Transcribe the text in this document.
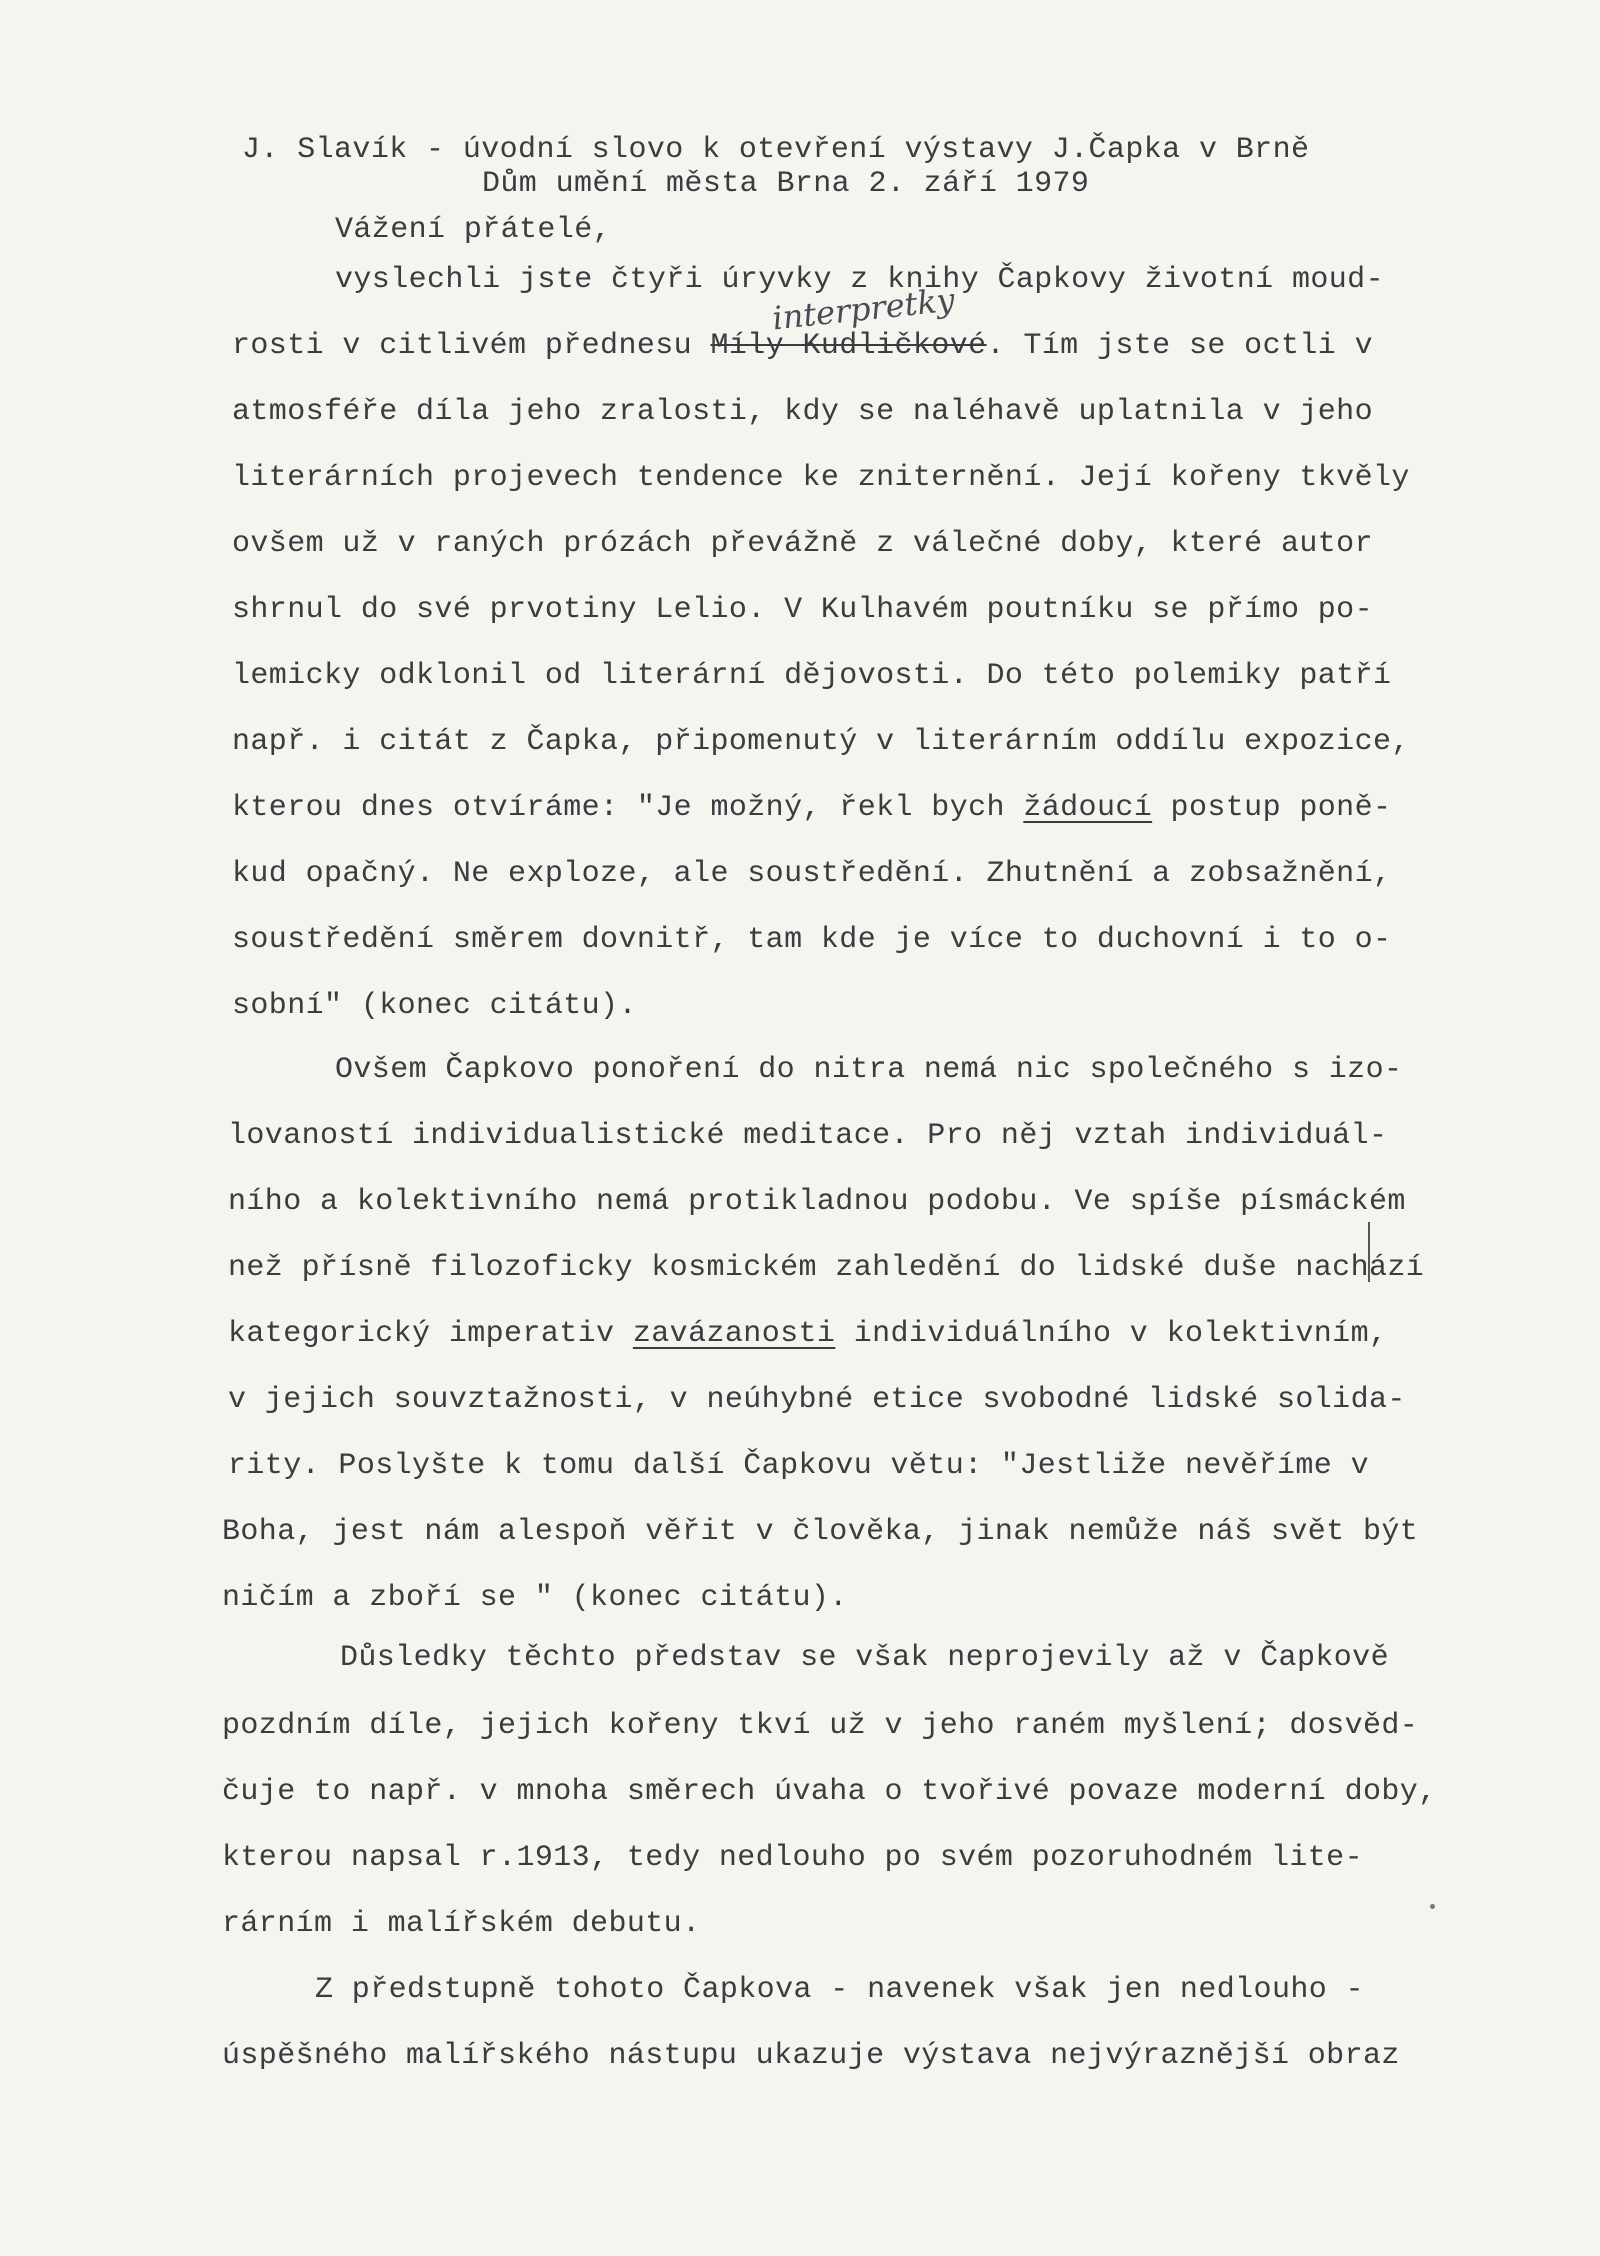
J. Slavík - úvodní slovo k otevření výstavy J.Čapka v Brně
Dům umění města Brna 2. září 1979
Vážení přátelé,
interpretky
vyslechli jste čtyři úryvky z knihy Čapkovy životní moud-
rosti v citlivém přednesu Míly Kudličkové. Tím jste se octli v
atmosféře díla jeho zralosti, kdy se naléhavě uplatnila v jeho
literárních projevech tendence ke zniternění. Její kořeny tkvěly
ovšem už v raných prózách převážně z válečné doby, které autor
shrnul do své prvotiny Lelio. V Kulhavém poutníku se přímo po-
lemicky odklonil od literární dějovosti. Do této polemiky patří
např. i citát z Čapka, připomenutý v literárním oddílu expozice,
kterou dnes otvíráme: "Je možný, řekl bych žádoucí postup poně-
kud opačný. Ne exploze, ale soustředění. Zhutnění a zobsažnění,
soustředění směrem dovnitř, tam kde je více to duchovní i to o-
sobní" (konec citátu).
Ovšem Čapkovo ponoření do nitra nemá nic společného s izo-
lovaností individualistické meditace. Pro něj vztah individuál-
ního a kolektivního nemá protikladnou podobu. Ve spíše písmáckém
než přísně filozoficky kosmickém zahledění do lidské duše nachází
kategorický imperativ zavázanosti individuálního v kolektivním,
v jejich souvztažnosti, v neúhybné etice svobodné lidské solida-
rity. Poslyšte k tomu další Čapkovu větu: "Jestliže nevěříme v
Boha, jest nám alespoň věřit v člověka, jinak nemůže náš svět být
ničím a zboří se " (konec citátu).
Důsledky těchto představ se však neprojevily až v Čapkově
pozdním díle, jejich kořeny tkví už v jeho raném myšlení; dosvěd-
čuje to např. v mnoha směrech úvaha o tvořivé povaze moderní doby,
kterou napsal r.1913, tedy nedlouho po svém pozoruhodném lite-
rárním i malířském debutu.
Z předstupně tohoto Čapkova - navenek však jen nedlouho -
úspěšného malířského nástupu ukazuje výstava nejvýraznější obraz
